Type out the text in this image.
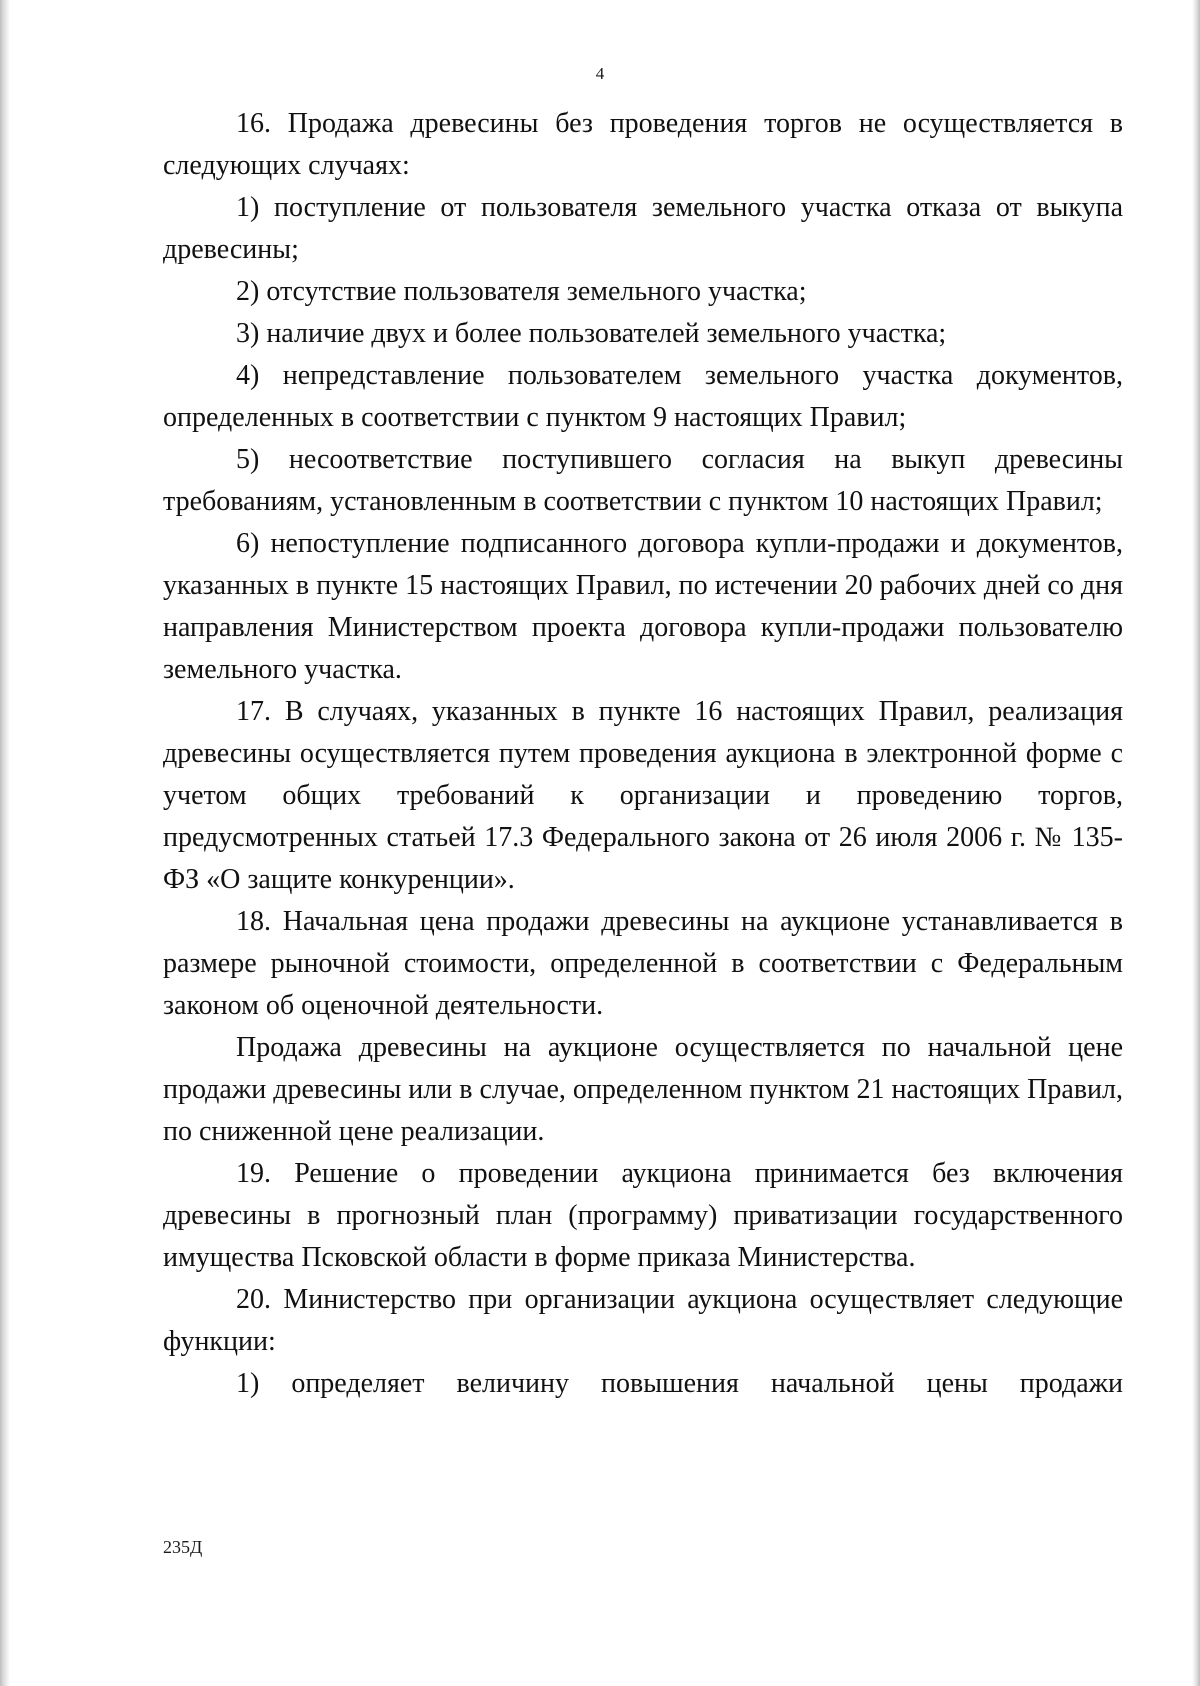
4

16. Продажа древесины без проведения торгов не осуществляется в следующих случаях:

1) поступление от пользователя земельного участка отказа от выкупа древесины;

2) отсутствие пользователя земельного участка;

3) наличие двух и более пользователей земельного участка;

4) непредставление пользователем земельного участка документов, определенных в соответствии с пунктом 9 настоящих Правил;

5) несоответствие поступившего согласия на выкуп древесины требованиям, установленным в соответствии с пунктом 10 настоящих Правил;

6) непоступление подписанного договора купли-продажи и документов, указанных в пункте 15 настоящих Правил, по истечении 20 рабочих дней со дня направления Министерством проекта договора купли-продажи пользователю земельного участка.

17. В случаях, указанных в пункте 16 настоящих Правил, реализация древесины осуществляется путем проведения аукциона в электронной форме с учетом общих требований к организации и проведению торгов, предусмотренных статьей 17.3 Федерального закона от 26 июля 2006 г. № 135-ФЗ «О защите конкуренции».

18. Начальная цена продажи древесины на аукционе устанавливается в размере рыночной стоимости, определенной в соответствии с Федеральным законом об оценочной деятельности.

Продажа древесины на аукционе осуществляется по начальной цене продажи древесины или в случае, определенном пунктом 21 настоящих Правил, по сниженной цене реализации.

19. Решение о проведении аукциона принимается без включения древесины в прогнозный план (программу) приватизации государственного имущества Псковской области в форме приказа Министерства.

20. Министерство при организации аукциона осуществляет следующие функции:

1) определяет величину повышения начальной цены продажи

235Д
